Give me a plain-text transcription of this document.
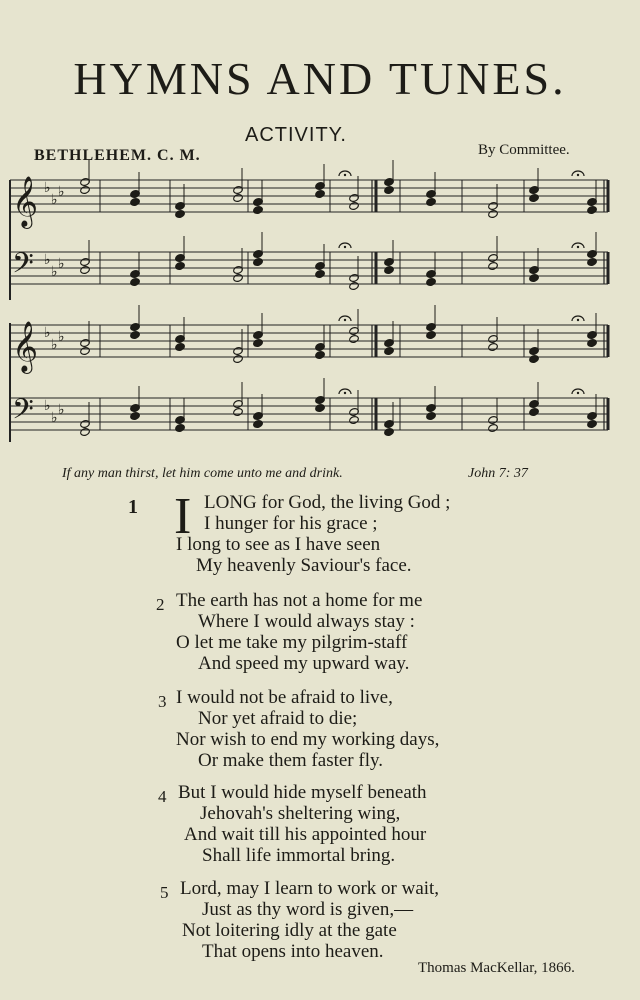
HYMNS AND TUNES.
ACTIVITY.
BETHLEHEM. C. M.	By Committee.
𝄞 ♭
♭ ♭
𝄢 ♭
♭ ♭
𝄞 ♭
♭ ♭
𝄢 ♭
♭ ♭
If any man thirst, let him come unto me and drink.	John 7: 37
1 I LONG for God, the living God ;
I hunger for his grace ;
I long to see as I have seen
My heavenly Saviour's face.
2 The earth has not a home for me
Where I would always stay :
O let me take my pilgrim-staff
And speed my upward way.
3 I would not be afraid to live,
Nor yet afraid to die;
Nor wish to end my working days,
Or make them faster fly.
4 But I would hide myself beneath
Jehovah's sheltering wing,
And wait till his appointed hour
Shall life immortal bring.
5 Lord, may I learn to work or wait,
Just as thy word is given,—
Not loitering idly at the gate
That opens into heaven.
Thomas MacKellar, 1866.
